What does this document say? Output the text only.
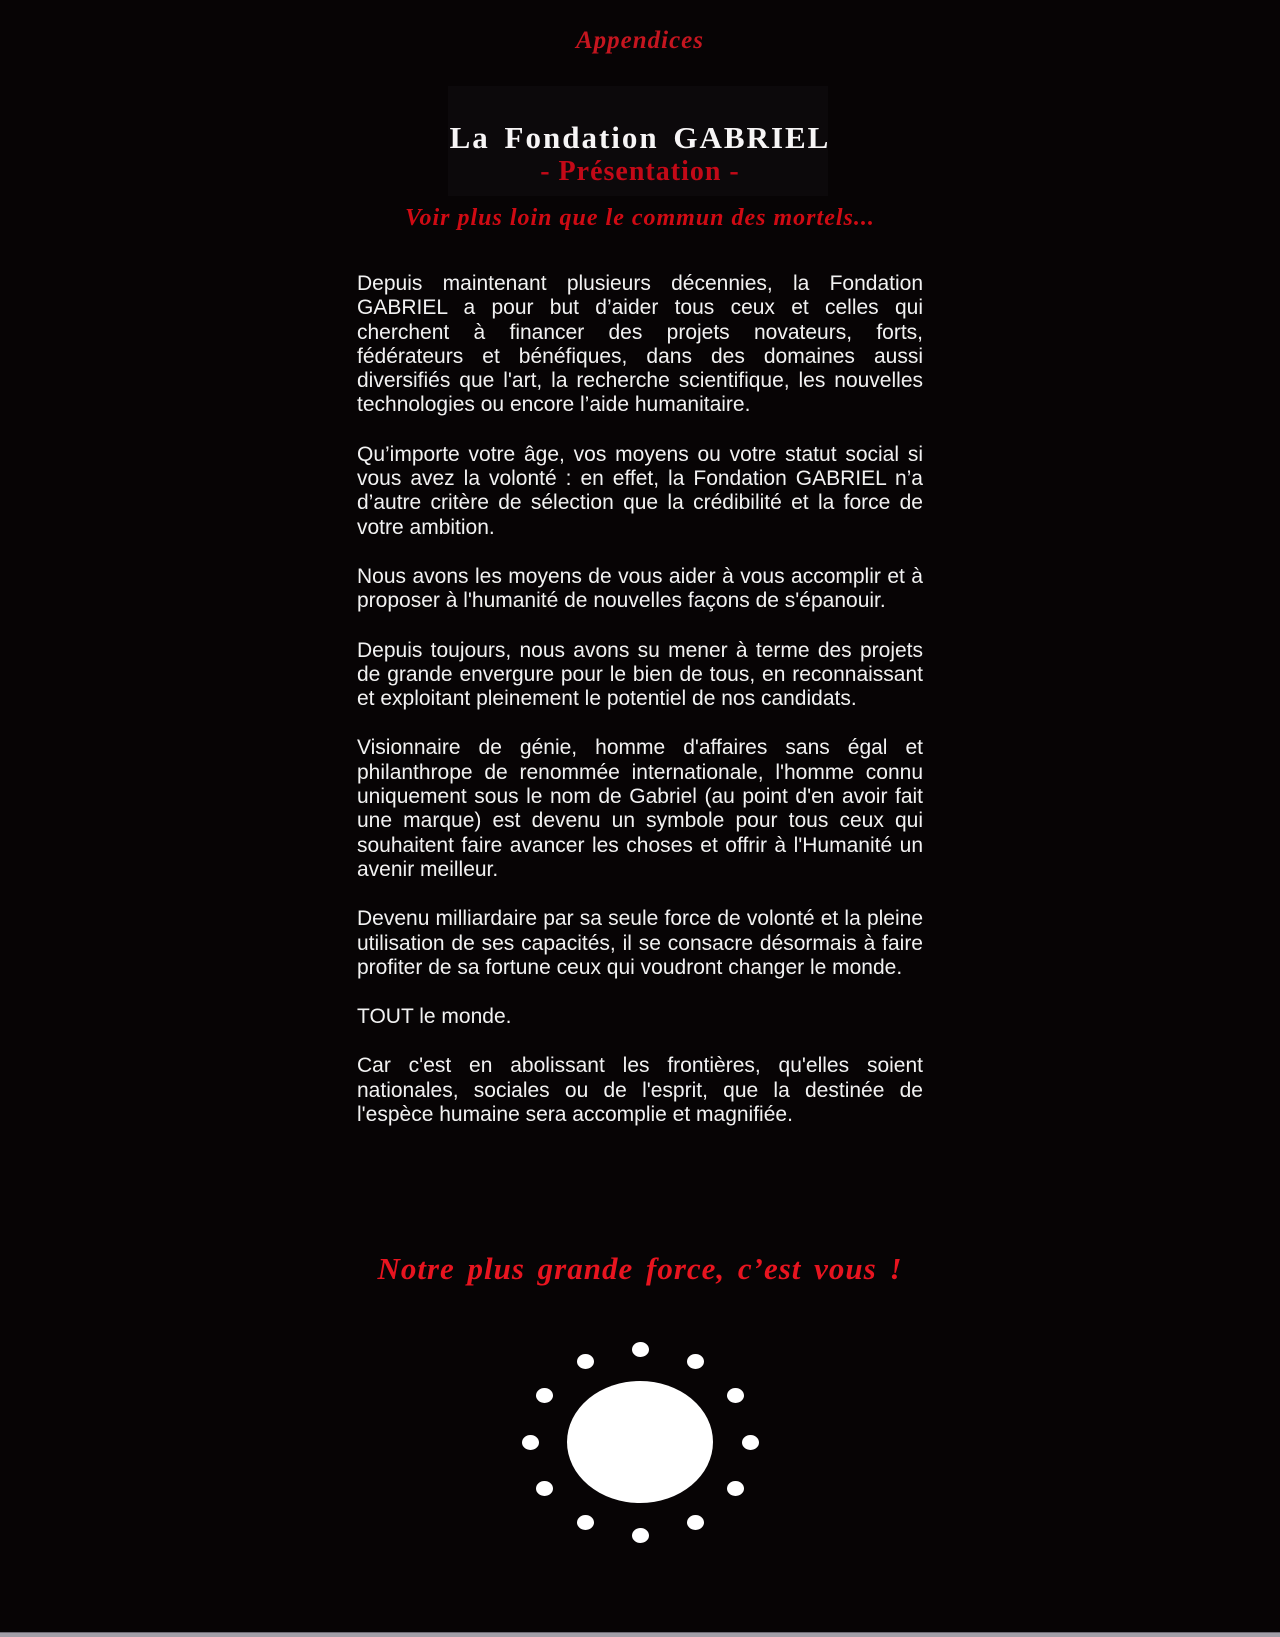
Appendices
La Fondation GABRIEL
- Présentation -
Voir plus loin que le commun des mortels...

Depuis maintenant plusieurs décennies, la Fondation GABRIEL a pour but d’aider tous ceux et celles qui cherchent à financer des projets novateurs, forts, fédérateurs et bénéfiques, dans des domaines aussi diversifiés que l'art, la recherche scientifique, les nouvelles technologies ou encore l’aide humanitaire.

Qu’importe votre âge, vos moyens ou votre statut social si vous avez la volonté : en effet, la Fondation GABRIEL n’a d’autre critère de sélection que la crédibilité et la force de votre ambition.

Nous avons les moyens de vous aider à vous accomplir et à proposer à l'humanité de nouvelles façons de s'épanouir.

Depuis toujours, nous avons su mener à terme des projets de grande envergure pour le bien de tous, en reconnaissant et exploitant pleinement le potentiel de nos candidats.

Visionnaire de génie, homme d'affaires sans égal et philanthrope de renommée internationale, l'homme connu uniquement sous le nom de Gabriel (au point d'en avoir fait une marque) est devenu un symbole pour tous ceux qui souhaitent faire avancer les choses et offrir à l'Humanité un avenir meilleur.

Devenu milliardaire par sa seule force de volonté et la pleine utilisation de ses capacités, il se consacre désormais à faire profiter de sa fortune ceux qui voudront changer le monde.

TOUT le monde.

Car c'est en abolissant les frontières, qu'elles soient nationales, sociales ou de l'esprit, que la destinée de l'espèce humaine sera accomplie et magnifiée.

Notre plus grande force, c’est vous !
